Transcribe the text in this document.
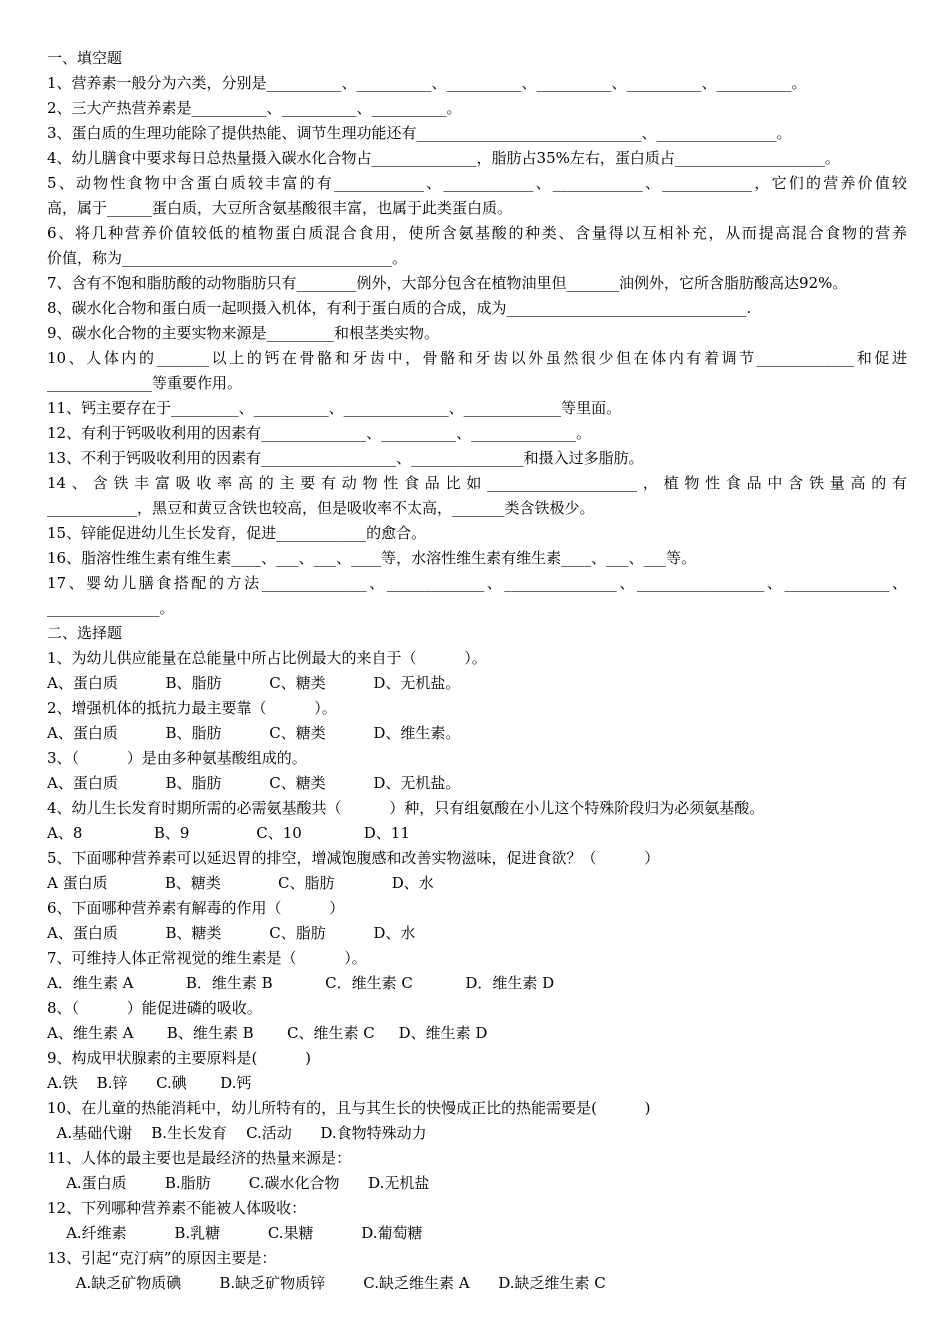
一、填空题
1、营养素一般分为六类，分别是__________、__________、__________、__________、__________、__________。
2、三大产热营养素是__________、__________、__________。
3、蛋白质的生理功能除了提供热能、调节生理功能还有______________________________、________________。
4、幼儿膳食中要求每日总热量摄入碳水化合物占______________，脂肪占35%左右，蛋白质占____________________。
5、动物性食物中含蛋白质较丰富的有____________、____________、____________、____________，它们的营养价值较
高，属于______蛋白质，大豆所含氨基酸很丰富，也属于此类蛋白质。
6、将几种营养价值较低的植物蛋白质混合食用，使所含氨基酸的种类、含量得以互相补充，从而提高混合食物的营养
价值，称为____________________________________。
7、含有不饱和脂肪酸的动物脂肪只有________例外，大部分包含在植物油里但_______油例外，它所含脂肪酸高达92%。
8、碳水化合物和蛋白质一起呗摄入机体，有利于蛋白质的合成，成为________________________________.
9、碳水化合物的主要实物来源是_________和根茎类实物。
10、人体内的_______以上的钙在骨骼和牙齿中，骨骼和牙齿以外虽然很少但在体内有着调节_____________和促进
______________等重要作用。
11、钙主要存在于_________、__________、______________、_____________等里面。
12、有利于钙吸收利用的因素有______________、__________、______________。
13、不利于钙吸收利用的因素有__________________、_______________和摄入过多脂肪。
14、含铁丰富吸收率高的主要有动物性食品比如____________________，植物性食品中含铁量高的有
____________，黑豆和黄豆含铁也较高，但是吸收率不太高，_______类含铁极少。
15、锌能促进幼儿生长发育，促进____________的愈合。
16、脂溶性维生素有维生素____、___、___、____等，水溶性维生素有维生素____、___、___等。
17、婴幼儿膳食搭配的方法______________、_____________、_______________、_________________、______________、
_______________。
二、选择题
1、为幼儿供应能量在总能量中所占比例最大的来自于（          ）。
A、蛋白质          B、脂肪          C、糖类          D、无机盐。
2、增强机体的抵抗力最主要靠（          ）。
A、蛋白质          B、脂肪          C、糖类          D、维生素。
3、（          ）是由多种氨基酸组成的。
A、蛋白质          B、脂肪          C、糖类          D、无机盐。
4、幼儿生长发育时期所需的必需氨基酸共（          ）种，只有组氨酸在小儿这个特殊阶段归为必须氨基酸。
A、8               B、9              C、10             D、11
5、下面哪种营养素可以延迟胃的排空，增减饱腹感和改善实物滋味，促进食欲？（          ）
A 蛋白质            B、糖类            C、脂肪            D、水
6、下面哪种营养素有解毒的作用（          ）
A、蛋白质          B、糖类          C、脂肪          D、水
7、可维持人体正常视觉的维生素是（          ）。
A．维生素 A           B．维生素 B           C．维生素 C           D．维生素 D
8、（          ）能促进磷的吸收。
A、维生素 A       B、维生素 B       C、维生素 C     D、维生素 D
9、构成甲状腺素的主要原料是(          )
A.铁    B.锌      C.碘       D.钙
10、在儿童的热能消耗中，幼儿所特有的，且与其生长的快慢成正比的热能需要是(          )
A.基础代谢    B.生长发育    C.活动      D.食物特殊动力
11、人体的最主要也是最经济的热量来源是：
A.蛋白质        B.脂肪        C.碳水化合物      D.无机盐
12、下列哪种营养素不能被人体吸收：
A.纤维素          B.乳糖          C.果糖          D.葡萄糖
13、引起“克汀病”的原因主要是：
A.缺乏矿物质碘        B.缺乏矿物质锌        C.缺乏维生素 A      D.缺乏维生素 C
